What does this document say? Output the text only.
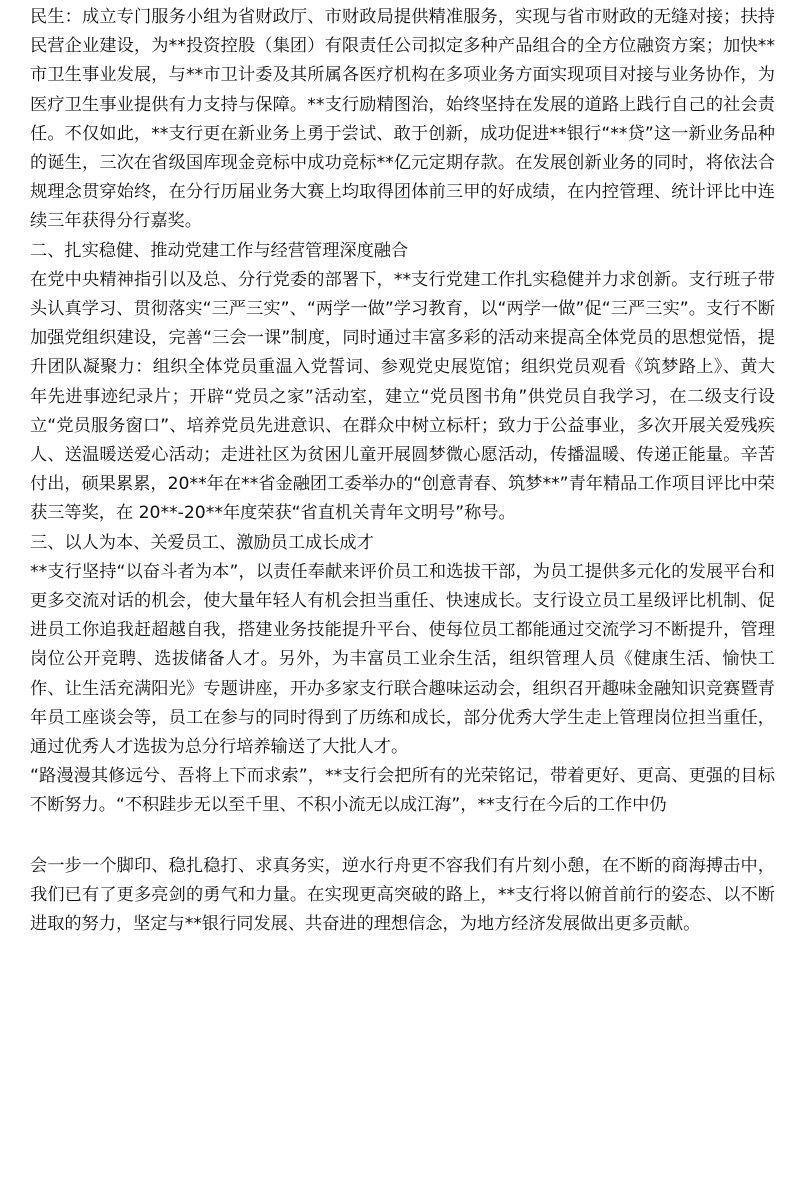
民生：成立专门服务小组为省财政厅、市财政局提供精准服务，实现与省市财政的无缝对接；扶持民营企业建设，为**投资控股（集团）有限责任公司拟定多种产品组合的全方位融资方案；加快**市卫生事业发展，与**市卫计委及其所属各医疗机构在多项业务方面实现项目对接与业务协作，为医疗卫生事业提供有力支持与保障。**支行励精图治，始终坚持在发展的道路上践行自己的社会责任。不仅如此，**支行更在新业务上勇于尝试、敢于创新，成功促进**银行“**贷”这一新业务品种的诞生，三次在省级国库现金竞标中成功竞标**亿元定期存款。在发展创新业务的同时，将依法合规理念贯穿始终，在分行历届业务大赛上均取得团体前三甲的好成绩，在内控管理、统计评比中连续三年获得分行嘉奖。

二、扎实稳健、推动党建工作与经营管理深度融合

在党中央精神指引以及总、分行党委的部署下，**支行党建工作扎实稳健并力求创新。支行班子带头认真学习、贯彻落实“三严三实”、“两学一做”学习教育，以“两学一做”促“三严三实”。支行不断加强党组织建设，完善“三会一课”制度，同时通过丰富多彩的活动来提高全体党员的思想觉悟，提升团队凝聚力：组织全体党员重温入党誓词、参观党史展览馆；组织党员观看《筑梦路上》、黄大年先进事迹纪录片；开辟“党员之家”活动室，建立“党员图书角”供党员自我学习，在二级支行设立“党员服务窗口”、培养党员先进意识、在群众中树立标杆；致力于公益事业，多次开展关爱残疾人、送温暖送爱心活动；走进社区为贫困儿童开展圆梦微心愿活动，传播温暖、传递正能量。辛苦付出，硕果累累，20**年在**省金融团工委举办的“创意青春、筑梦**”青年精品工作项目评比中荣获三等奖，在 20**-20**年度荣获“省直机关青年文明号”称号。

三、以人为本、关爱员工、激励员工成长成才

**支行坚持“以奋斗者为本”，以责任奉献来评价员工和选拔干部，为员工提供多元化的发展平台和更多交流对话的机会，使大量年轻人有机会担当重任、快速成长。支行设立员工星级评比机制、促进员工你追我赶超越自我，搭建业务技能提升平台、使每位员工都能通过交流学习不断提升，管理岗位公开竞聘、选拔储备人才。另外，为丰富员工业余生活，组织管理人员《健康生活、愉快工作、让生活充满阳光》专题讲座，开办多家支行联合趣味运动会，组织召开趣味金融知识竞赛暨青年员工座谈会等，员工在参与的同时得到了历练和成长，部分优秀大学生走上管理岗位担当重任，通过优秀人才选拔为总分行培养输送了大批人才。

“路漫漫其修远兮、吾将上下而求索”，**支行会把所有的光荣铭记，带着更好、更高、更强的目标不断努力。“不积跬步无以至千里、不积小流无以成江海”，**支行在今后的工作中仍

会一步一个脚印、稳扎稳打、求真务实，逆水行舟更不容我们有片刻小憩，在不断的商海搏击中，我们已有了更多亮剑的勇气和力量。在实现更高突破的路上，**支行将以俯首前行的姿态、以不断进取的努力，坚定与**银行同发展、共奋进的理想信念，为地方经济发展做出更多贡献。
